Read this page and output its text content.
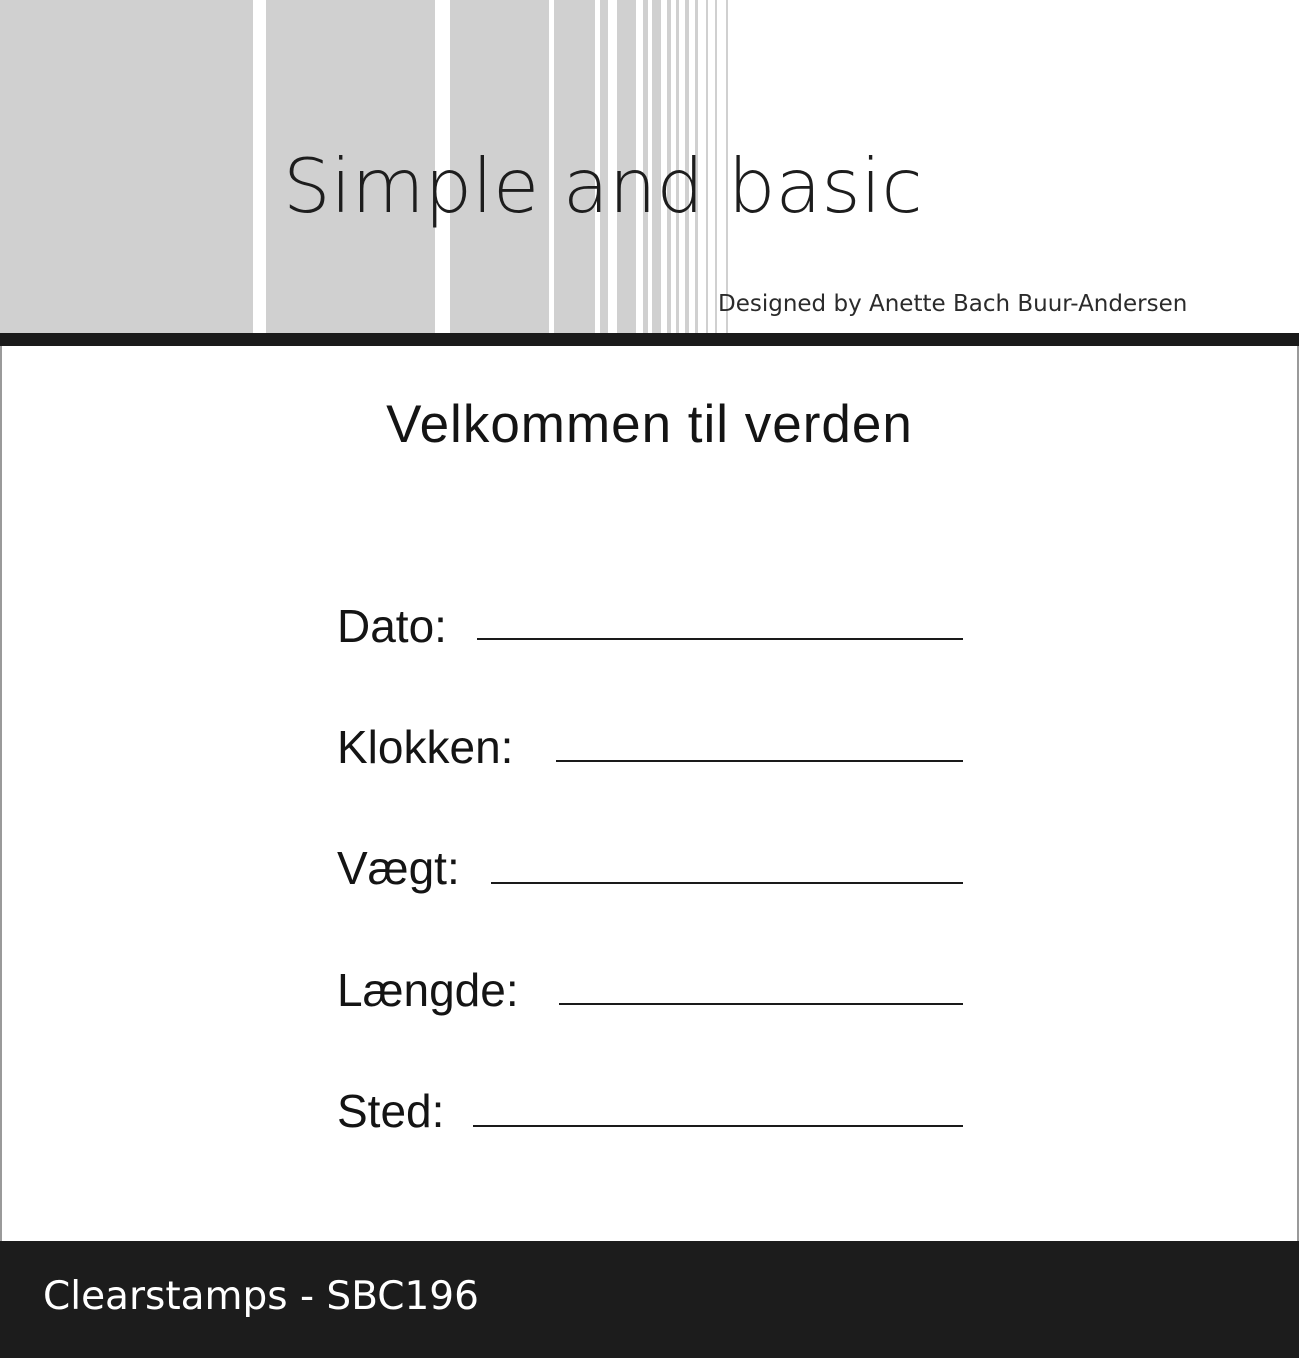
Simple and basic
Designed by Anette Bach Buur-Andersen
Velkommen til verden
Dato:
Klokken:
Vægt:
Længde:
Sted:
Clearstamps - SBC196
